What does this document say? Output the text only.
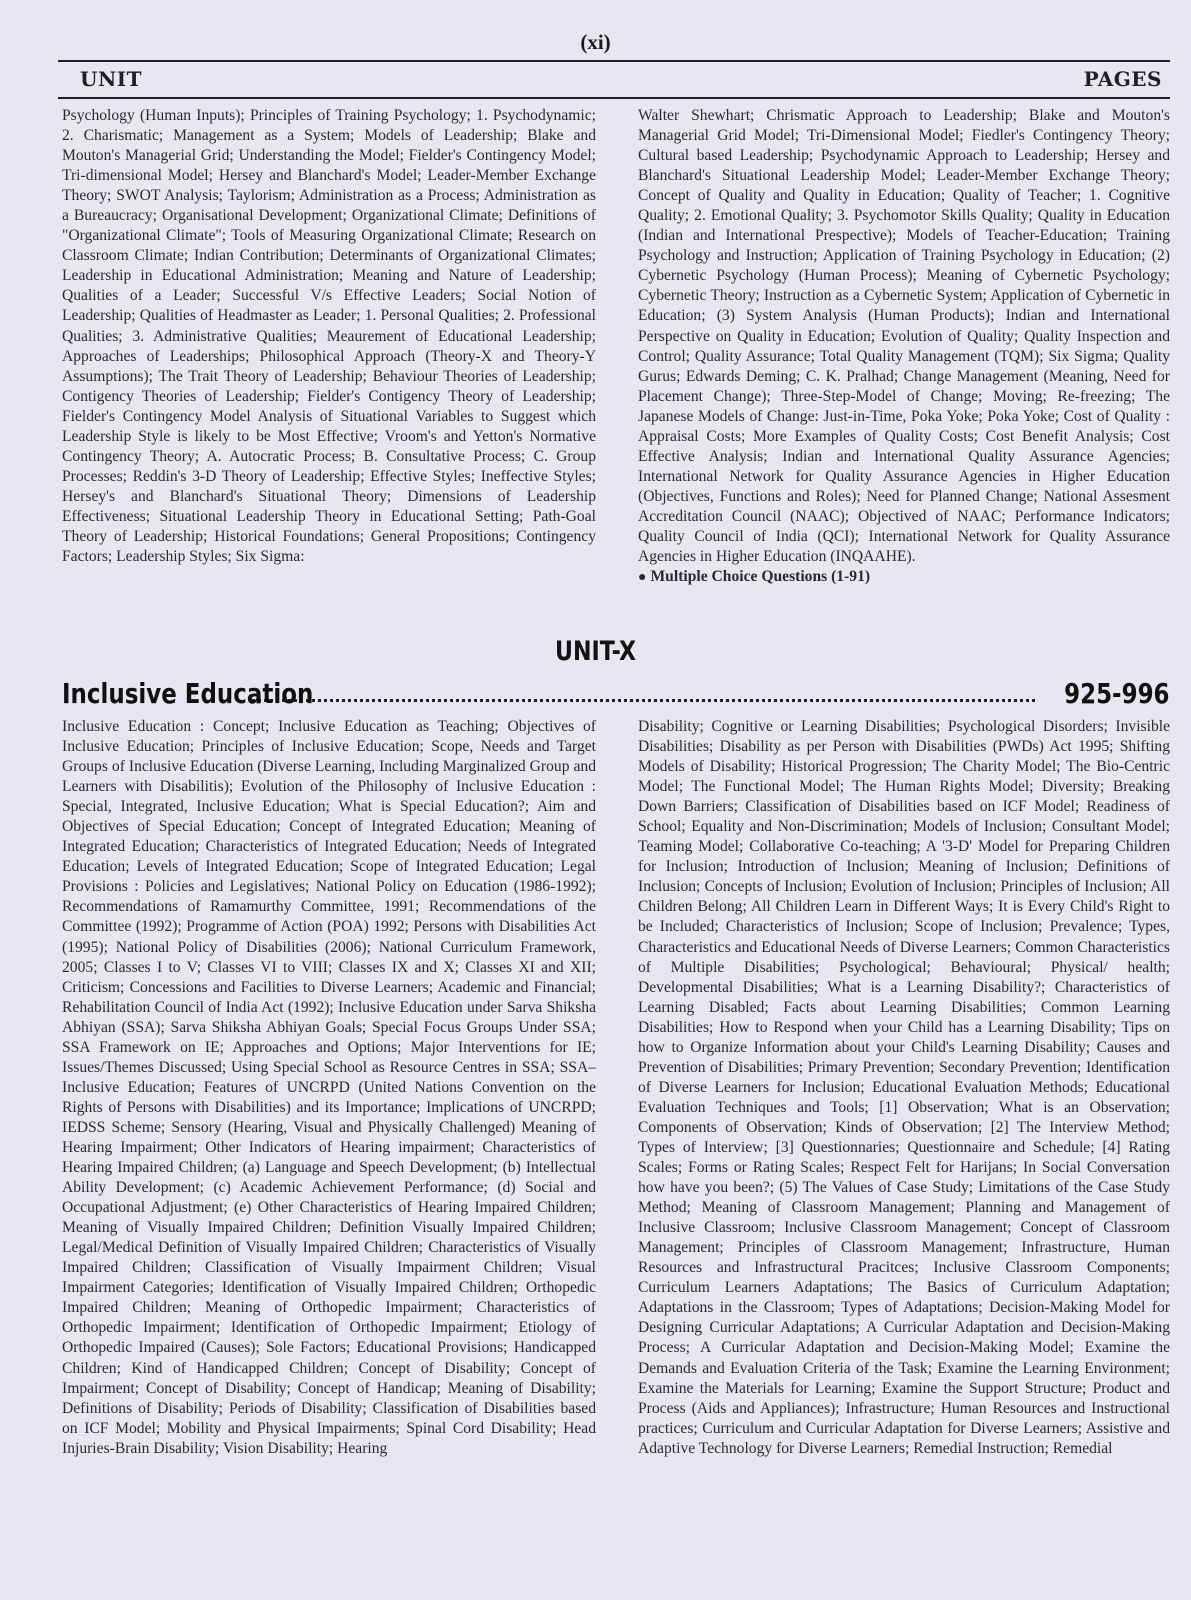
(xi)
UNIT	PAGES

Psychology (Human Inputs); Principles of Training Psychology; 1. Psychodynamic; 2. Charismatic; Management as a System; Models of Leadership; Blake and Mouton's Managerial Grid; Understanding the Model; Fielder's Contingency Model; Tri-dimensional Model; Hersey and Blanchard's Model; Leader-Member Exchange Theory; SWOT Analysis; Taylorism; Administration as a Process; Administration as a Bureaucracy; Organisational Development; Organizational Climate; Definitions of "Organizational Climate"; Tools of Measuring Organizational Climate; Research on Classroom Climate; Indian Contribution; Determinants of Organizational Climates; Leadership in Educational Administration; Meaning and Nature of Leadership; Qualities of a Leader; Successful V/s Effective Leaders; Social Notion of Leadership; Qualities of Headmaster as Leader; 1. Personal Qualities; 2. Professional Qualities; 3. Administrative Qualities; Meaurement of Educational Leadership; Approaches of Leaderships; Philosophical Approach (Theory-X and Theory-Y Assumptions); The Trait Theory of Leadership; Behaviour Theories of Leadership; Contigency Theories of Leadership; Fielder's Contigency Theory of Leadership; Fielder's Contingency Model Analysis of Situational Variables to Suggest which Leadership Style is likely to be Most Effective; Vroom's and Yetton's Normative Contingency Theory; A. Autocratic Process; B. Consultative Process; C. Group Processes; Reddin's 3-D Theory of Leadership; Effective Styles; Ineffective Styles; Hersey's and Blanchard's Situational Theory; Dimensions of Leadership Effectiveness; Situational Leadership Theory in Educational Setting; Path-Goal Theory of Leadership; Historical Foundations; General Propositions; Contingency Factors; Leadership Styles; Six Sigma:

Walter Shewhart; Chrismatic Approach to Leadership; Blake and Mouton's Managerial Grid Model; Tri-Dimensional Model; Fiedler's Contingency Theory; Cultural based Leadership; Psychodynamic Approach to Leadership; Hersey and Blanchard's Situational Leadership Model; Leader-Member Exchange Theory; Concept of Quality and Quality in Education; Quality of Teacher; 1. Cognitive Quality; 2. Emotional Quality; 3. Psychomotor Skills Quality; Quality in Education (Indian and International Prespective); Models of Teacher-Education; Training Psychology and Instruction; Application of Training Psychology in Education; (2) Cybernetic Psychology (Human Process); Meaning of Cybernetic Psychology; Cybernetic Theory; Instruction as a Cybernetic System; Application of Cybernetic in Education; (3) System Analysis (Human Products); Indian and International Perspective on Quality in Education; Evolution of Quality; Quality Inspection and Control; Quality Assurance; Total Quality Management (TQM); Six Sigma; Quality Gurus; Edwards Deming; C. K. Pralhad; Change Management (Meaning, Need for Placement Change); Three-Step-Model of Change; Moving; Re-freezing; The Japanese Models of Change: Just-in-Time, Poka Yoke; Poka Yoke; Cost of Quality : Appraisal Costs; More Examples of Quality Costs; Cost Benefit Analysis; Cost Effective Analysis; Indian and International Quality Assurance Agencies; International Network for Quality Assurance Agencies in Higher Education (Objectives, Functions and Roles); Need for Planned Change; National Assesment Accreditation Council (NAAC); Objectived of NAAC; Performance Indicators; Quality Council of India (QCI); International Network for Quality Assurance Agencies in Higher Education (INQAAHE).

● Multiple Choice Questions (1-91)
UNIT-X
Inclusive Education	925-996

Inclusive Education : Concept; Inclusive Education as Teaching; Objectives of Inclusive Education; Principles of Inclusive Education; Scope, Needs and Target Groups of Inclusive Education (Diverse Learning, Including Marginalized Group and Learners with Disabilitis); Evolution of the Philosophy of Inclusive Education : Special, Integrated, Inclusive Education; What is Special Education?; Aim and Objectives of Special Education; Concept of Integrated Education; Meaning of Integrated Education; Characteristics of Integrated Education; Needs of Integrated Education; Levels of Integrated Education; Scope of Integrated Education; Legal Provisions : Policies and Legislatives; National Policy on Education (1986-1992); Recommendations of Ramamurthy Committee, 1991; Recommendations of the Committee (1992); Programme of Action (POA) 1992; Persons with Disabilities Act (1995); National Policy of Disabilities (2006); National Curriculum Framework, 2005; Classes I to V; Classes VI to VIII; Classes IX and X; Classes XI and XII; Criticism; Concessions and Facilities to Diverse Learners; Academic and Financial; Rehabilitation Council of India Act (1992); Inclusive Education under Sarva Shiksha Abhiyan (SSA); Sarva Shiksha Abhiyan Goals; Special Focus Groups Under SSA; SSA Framework on IE; Approaches and Options; Major Interventions for IE; Issues/Themes Discussed; Using Special School as Resource Centres in SSA; SSA–Inclusive Education; Features of UNCRPD (United Nations Convention on the Rights of Persons with Disabilities) and its Importance; Implications of UNCRPD; IEDSS Scheme; Sensory (Hearing, Visual and Physically Challenged) Meaning of Hearing Impairment; Other Indicators of Hearing impairment; Characteristics of Hearing Impaired Children; (a) Language and Speech Development; (b) Intellectual Ability Development; (c) Academic Achievement Performance; (d) Social and Occupational Adjustment; (e) Other Characteristics of Hearing Impaired Children; Meaning of Visually Impaired Children; Definition Visually Impaired Children; Legal/Medical Definition of Visually Impaired Children; Characteristics of Visually Impaired Children; Classification of Visually Impairment Children; Visual Impairment Categories; Identification of Visually Impaired Children; Orthopedic Impaired Children; Meaning of Orthopedic Impairment; Characteristics of Orthopedic Impairment; Identification of Orthopedic Impairment; Etiology of Orthopedic Impaired (Causes); Sole Factors; Educational Provisions; Handicapped Children; Kind of Handicapped Children; Concept of Disability; Concept of Impairment; Concept of Disability; Concept of Handicap; Meaning of Disability; Definitions of Disability; Periods of Disability; Classification of Disabilities based on ICF Model; Mobility and Physical Impairments; Spinal Cord Disability; Head Injuries-Brain Disability; Vision Disability; Hearing

Disability; Cognitive or Learning Disabilities; Psychological Disorders; Invisible Disabilities; Disability as per Person with Disabilities (PWDs) Act 1995; Shifting Models of Disability; Historical Progression; The Charity Model; The Bio-Centric Model; The Functional Model; The Human Rights Model; Diversity; Breaking Down Barriers; Classification of Disabilities based on ICF Model; Readiness of School; Equality and Non-Discrimination; Models of Inclusion; Consultant Model; Teaming Model; Collaborative Co-teaching; A '3-D' Model for Preparing Children for Inclusion; Introduction of Inclusion; Meaning of Inclusion; Definitions of Inclusion; Concepts of Inclusion; Evolution of Inclusion; Principles of Inclusion; All Children Belong; All Children Learn in Different Ways; It is Every Child's Right to be Included; Characteristics of Inclusion; Scope of Inclusion; Prevalence; Types, Characteristics and Educational Needs of Diverse Learners; Common Characteristics of Multiple Disabilities; Psychological; Behavioural; Physical/ health; Developmental Disabilities; What is a Learning Disability?; Characteristics of Learning Disabled; Facts about Learning Disabilities; Common Learning Disabilities; How to Respond when your Child has a Learning Disability; Tips on how to Organize Information about your Child's Learning Disability; Causes and Prevention of Disabilities; Primary Prevention; Secondary Prevention; Identification of Diverse Learners for Inclusion; Educational Evaluation Methods; Educational Evaluation Techniques and Tools; [1] Observation; What is an Observation; Components of Observation; Kinds of Observation; [2] The Interview Method; Types of Interview; [3] Questionnaries; Questionnaire and Schedule; [4] Rating Scales; Forms or Rating Scales; Respect Felt for Harijans; In Social Conversation how have you been?; (5) The Values of Case Study; Limitations of the Case Study Method; Meaning of Classroom Management; Planning and Management of Inclusive Classroom; Inclusive Classroom Management; Concept of Classroom Management; Principles of Classroom Management; Infrastructure, Human Resources and Infrastructural Pracitces; Inclusive Classroom Components; Curriculum Learners Adaptations; The Basics of Curriculum Adaptation; Adaptations in the Classroom; Types of Adaptations; Decision-Making Model for Designing Curricular Adaptations; A Curricular Adaptation and Decision-Making Process; A Curricular Adaptation and Decision-Making Model; Examine the Demands and Evaluation Criteria of the Task; Examine the Learning Environment; Examine the Materials for Learning; Examine the Support Structure; Product and Process (Aids and Appliances); Infrastructure; Human Resources and Instructional practices; Curriculum and Curricular Adaptation for Diverse Learners; Assistive and Adaptive Technology for Diverse Learners; Remedial Instruction; Remedial
